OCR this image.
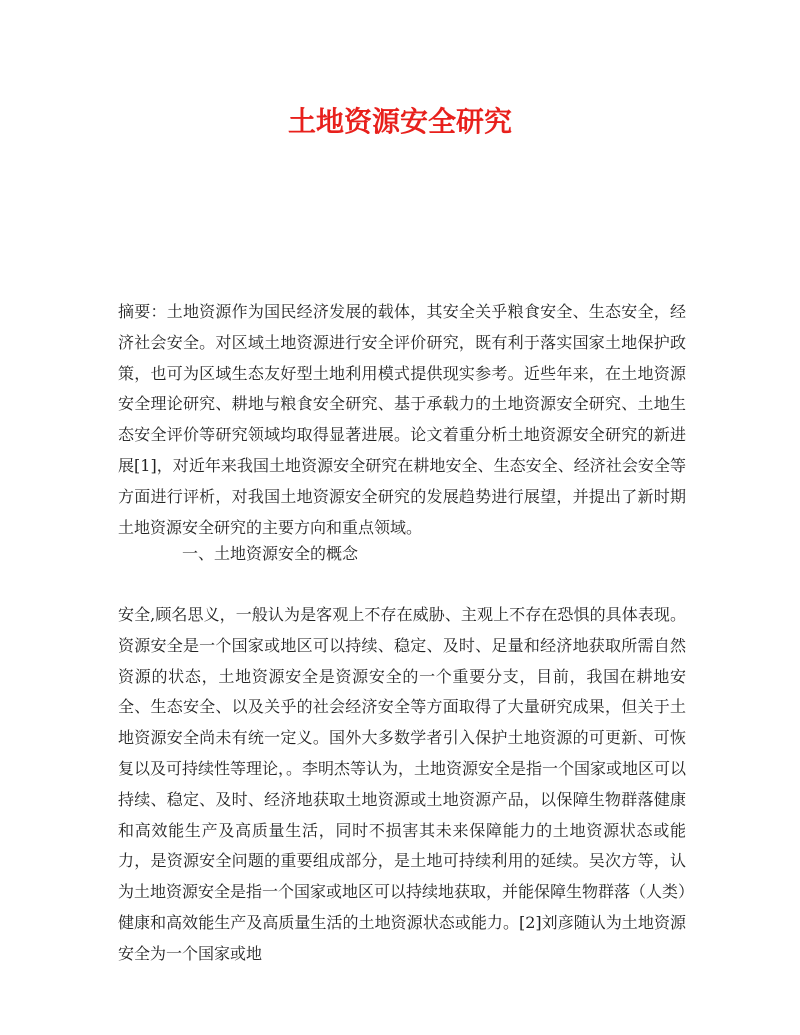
土地资源安全研究
摘要：土地资源作为国民经济发展的载体，其安全关乎粮食安全、生态安全，经济社会安全。对区域土地资源进行安全评价研究，既有利于落实国家土地保护政策，也可为区域生态友好型土地利用模式提供现实参考。近些年来，在土地资源安全理论研究、耕地与粮食安全研究、基于承载力的土地资源安全研究、土地生态安全评价等研究领域均取得显著进展。论文着重分析土地资源安全研究的新进展[1]，对近年来我国土地资源安全研究在耕地安全、生态安全、经济社会安全等方面进行评析，对我国土地资源安全研究的发展趋势进行展望，并提出了新时期土地资源安全研究的主要方向和重点领域。
一、土地资源安全的概念
安全,顾名思义，一般认为是客观上不存在威胁、主观上不存在恐惧的具体表现。资源安全是一个国家或地区可以持续、稳定、及时、足量和经济地获取所需自然资源的状态，土地资源安全是资源安全的一个重要分支，目前，我国在耕地安全、生态安全、以及关乎的社会经济安全等方面取得了大量研究成果，但关于土地资源安全尚未有统一定义。国外大多数学者引入保护土地资源的可更新、可恢复以及可持续性等理论，。李明杰等认为，土地资源安全是指一个国家或地区可以持续、稳定、及时、经济地获取土地资源或土地资源产品，以保障生物群落健康和高效能生产及高质量生活，同时不损害其未来保障能力的土地资源状态或能力，是资源安全问题的重要组成部分，是土地可持续利用的延续。吴次方等，认为土地资源安全是指一个国家或地区可以持续地获取，并能保障生物群落（人类）健康和高效能生产及高质量生活的土地资源状态或能力。[2]刘彦随认为土地资源安全为一个国家或地
